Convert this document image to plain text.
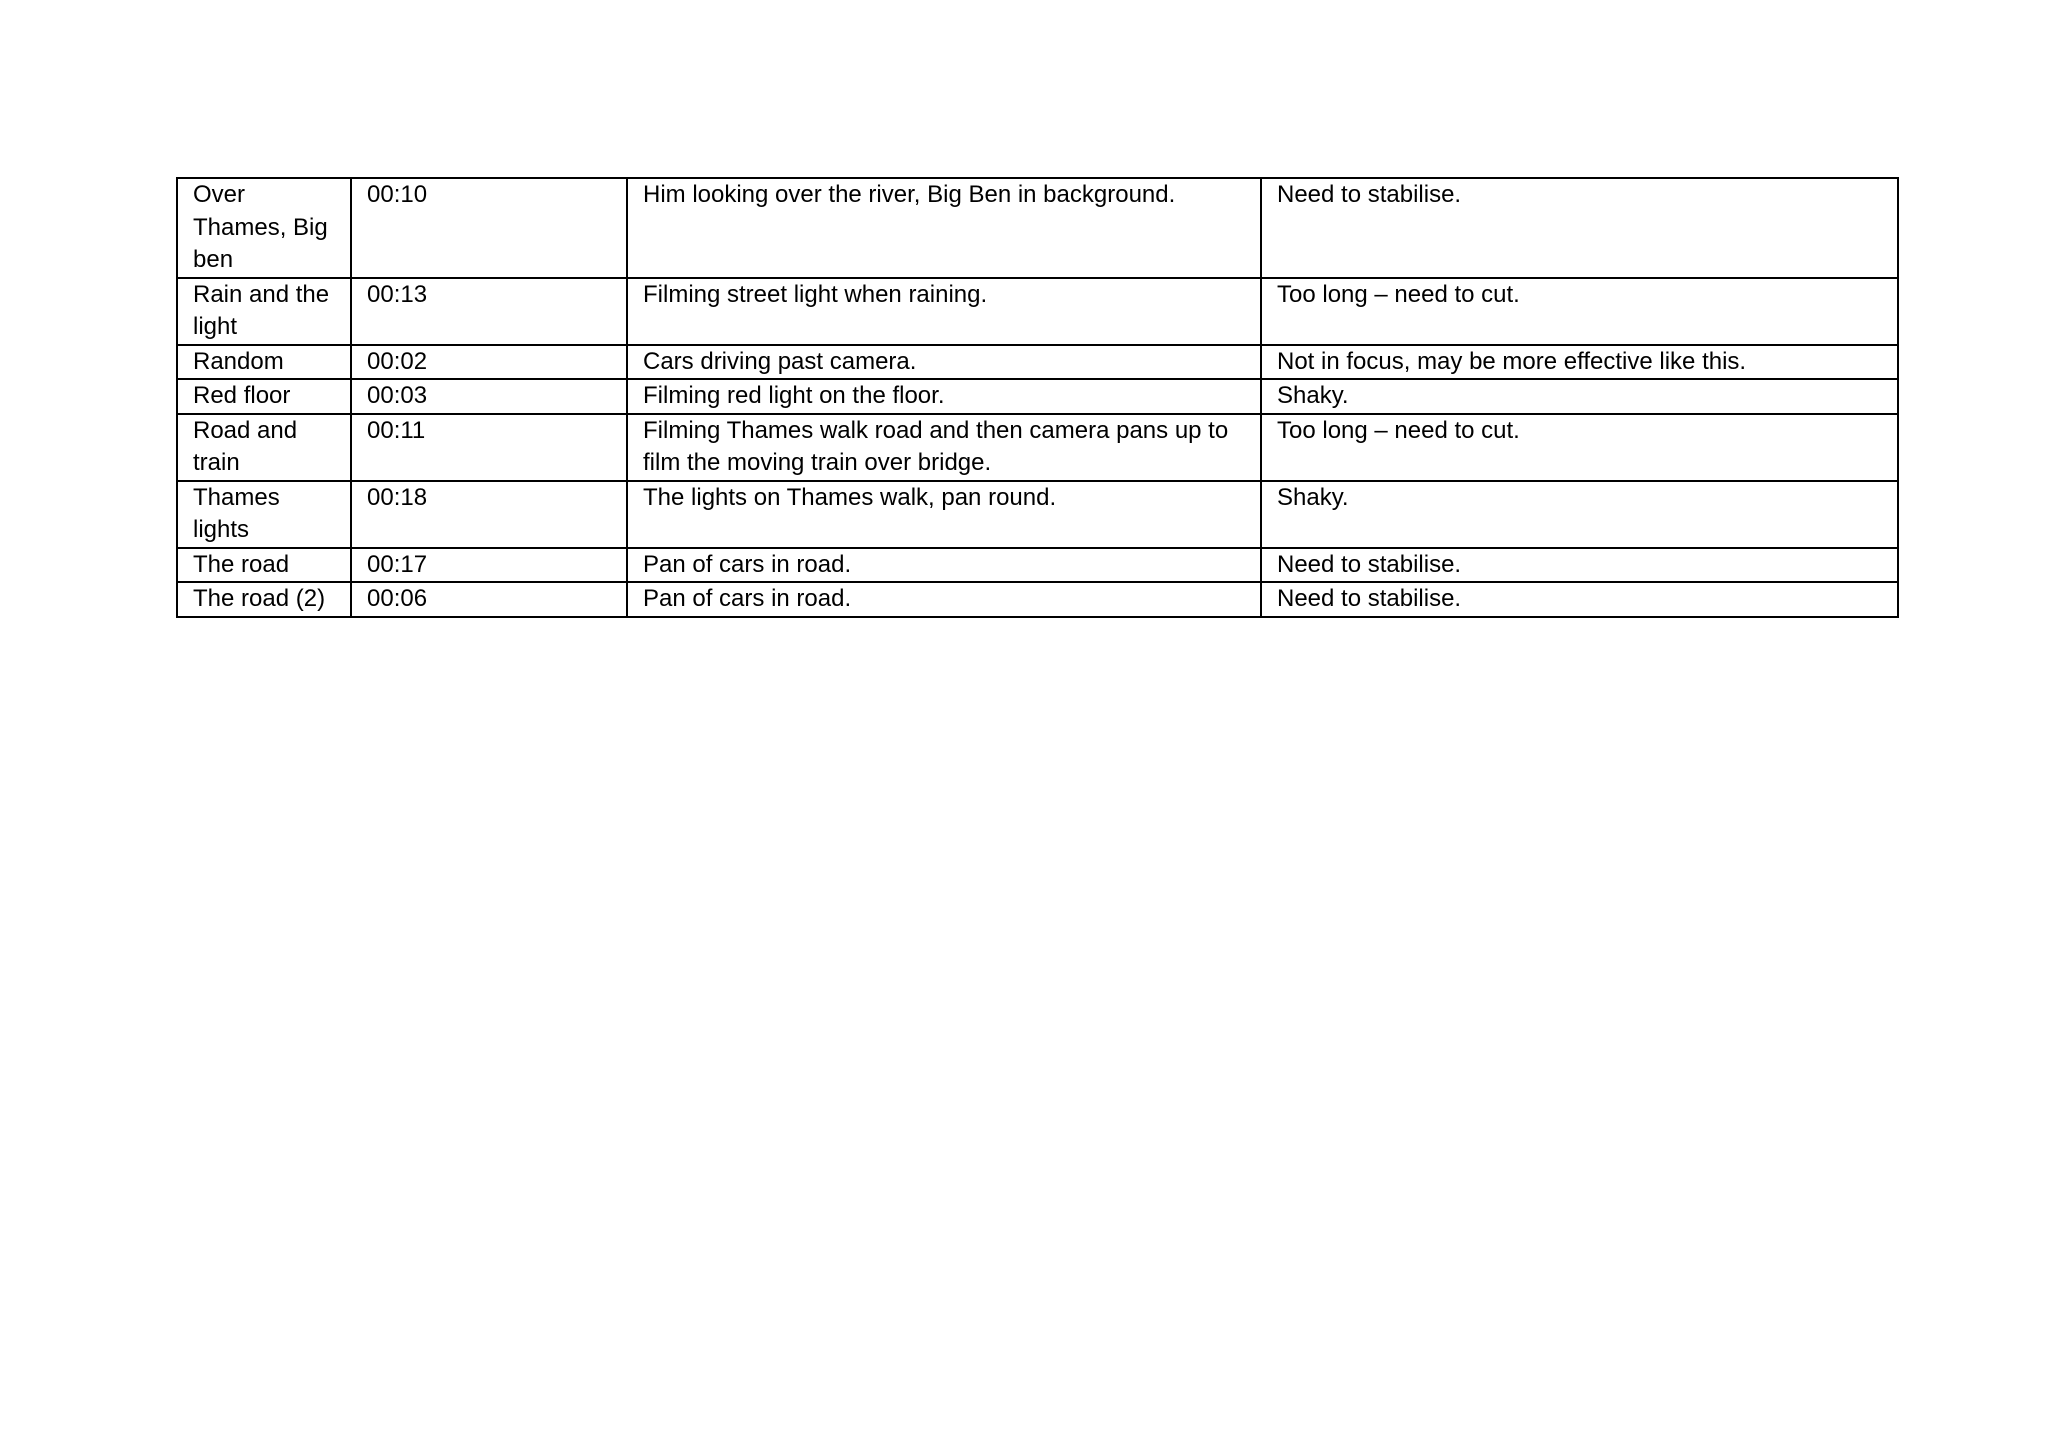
Over Thames, Big ben	00:10	Him looking over the river, Big Ben in background.	Need to stabilise.
Rain and the light	00:13	Filming street light when raining.	Too long – need to cut.
Random	00:02	Cars driving past camera.	Not in focus, may be more effective like this.
Red floor	00:03	Filming red light on the floor.	Shaky.
Road and train	00:11	Filming Thames walk road and then camera pans up to film the moving train over bridge.	Too long – need to cut.
Thames lights	00:18	The lights on Thames walk, pan round.	Shaky.
The road	00:17	Pan of cars in road.	Need to stabilise.
The road (2)	00:06	Pan of cars in road.	Need to stabilise.
